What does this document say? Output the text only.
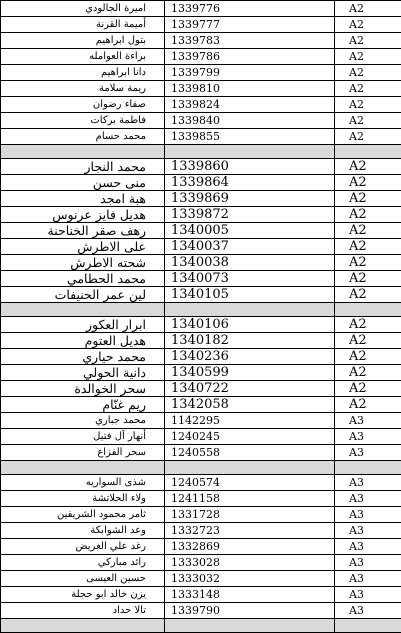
اميرة الجالودي	1339776	A2
أميمة القرنة	1339777	A2
بتول ابراهيم	1339783	A2
براءة العوامله	1339786	A2
دانا ابراهيم	1339799	A2
ريمة سلامة	1339810	A2
صفاء رضوان	1339824	A2
فاطمة بركات	1339840	A2
محمد حسام	1339855	A2

محمد النجار	1339860	A2
منى حسن	1339864	A2
هبة امجد	1339869	A2
هديل فايز عرنوس	1339872	A2
رهف صقر الخناحنة	1340005	A2
على الاطرش	1340037	A2
شحته الاطرش	1340038	A2
محمد الحطامي	1340073	A2
لين عمر الحنيفات	1340105	A2

ابرار العكور	1340106	A2
هديل العتوم	1340182	A2
محمد حياري	1340236	A2
دانية الحولي	1340599	A2
سحر الخوالدة	1340722	A2
ريم غنّام	1342058	A2
محمد جباري	1142295	A3
أنهار آل فتيل	1240245	A3
سحر الفزاع	1240558	A3

شذى السواريه	1240574	A3
ولاء الحلاتشة	1241158	A3
ثامر محمود الشريفين	1331728	A3
وعد الشوابكة	1332723	A3
رغد علي الغريض	1332869	A3
رائد مباركي	1333028	A3
حسين العيسى	1333032	A3
يزن خالد ابو حجلة	1333148	A3
تالا حداد	1339790	A3
